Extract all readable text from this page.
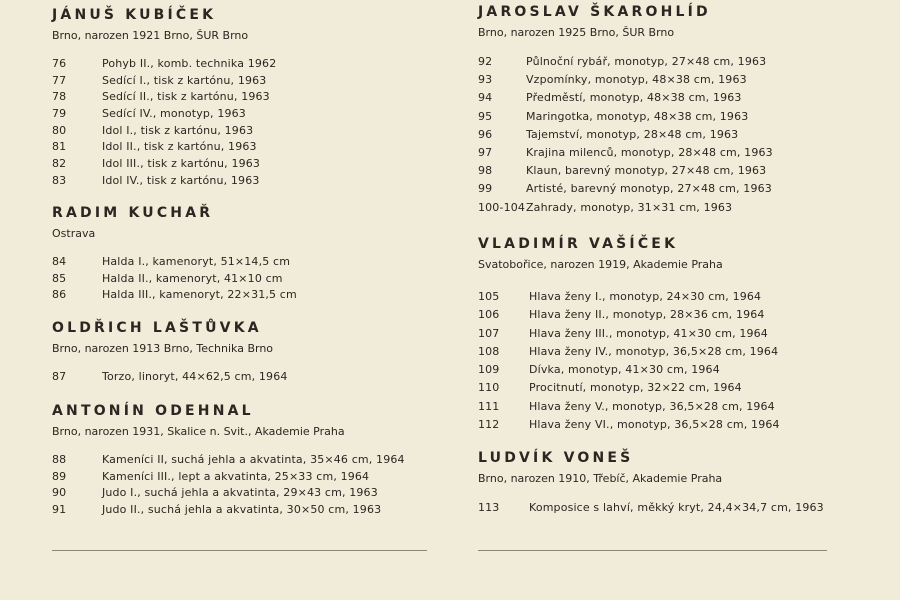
JÁNUŠ KUBÍČEK
Brno, narozen 1921 Brno, ŠUR Brno
76	Pohyb II., komb. technika 1962
77	Sedící I., tisk z kartónu, 1963
78	Sedící II., tisk z kartónu, 1963
79	Sedící IV., monotyp, 1963
80	Idol I., tisk z kartónu, 1963
81	Idol II., tisk z kartónu, 1963
82	Idol III., tisk z kartónu, 1963
83	Idol IV., tisk z kartónu, 1963
RADIM KUCHAŘ
Ostrava
84	Halda I., kamenoryt, 51×14,5 cm
85	Halda II., kamenoryt, 41×10 cm
86	Halda III., kamenoryt, 22×31,5 cm
OLDŘICH LAŠTŮVKA
Brno, narozen 1913 Brno, Technika Brno
87	Torzo, linoryt, 44×62,5 cm, 1964
ANTONÍN ODEHNAL
Brno, narozen 1931, Skalice n. Svit., Akademie Praha
88	Kameníci II, suchá jehla a akvatinta, 35×46 cm, 1964
89	Kameníci III., lept a akvatinta, 25×33 cm, 1964
90	Judo I., suchá jehla a akvatinta, 29×43 cm, 1963
91	Judo II., suchá jehla a akvatinta, 30×50 cm, 1963
JAROSLAV ŠKAROHLÍD
Brno, narozen 1925 Brno, ŠUR Brno
92	Půlnoční rybář, monotyp, 27×48 cm, 1963
93	Vzpomínky, monotyp, 48×38 cm, 1963
94	Předměstí, monotyp, 48×38 cm, 1963
95	Maringotka, monotyp, 48×38 cm, 1963
96	Tajemství, monotyp, 28×48 cm, 1963
97	Krajina milenců, monotyp, 28×48 cm, 1963
98	Klaun, barevný monotyp, 27×48 cm, 1963
99	Artisté, barevný monotyp, 27×48 cm, 1963
100-104 Zahrady, monotyp, 31×31 cm, 1963
VLADIMÍR VAŠÍČEK
Svatobořice, narozen 1919, Akademie Praha
105	Hlava ženy I., monotyp, 24×30 cm, 1964
106	Hlava ženy II., monotyp, 28×36 cm, 1964
107	Hlava ženy III., monotyp, 41×30 cm, 1964
108	Hlava ženy IV., monotyp, 36,5×28 cm, 1964
109	Dívka, monotyp, 41×30 cm, 1964
110	Procitnutí, monotyp, 32×22 cm, 1964
111	Hlava ženy V., monotyp, 36,5×28 cm, 1964
112	Hlava ženy VI., monotyp, 36,5×28 cm, 1964
LUDVÍK VONEŠ
Brno, narozen 1910, Třebíč, Akademie Praha
113	Komposice s lahví, měkký kryt, 24,4×34,7 cm, 1963
